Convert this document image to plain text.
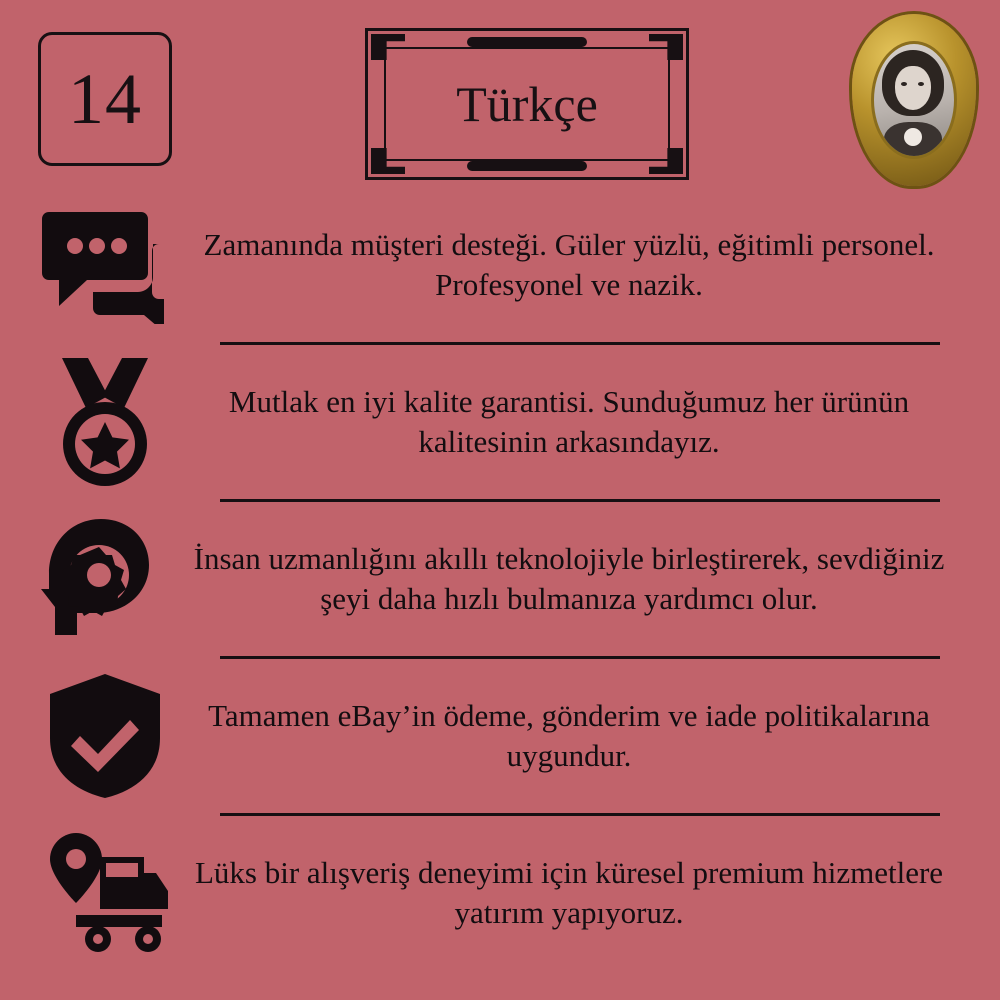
14	Türkçe
Zamanında müşteri desteği. Güler yüzlü, eğitimli personel. Profesyonel ve nazik.
Mutlak en iyi kalite garantisi. Sunduğumuz her ürünün kalitesinin arkasındayız.
İnsan uzmanlığını akıllı teknolojiyle birleştirerek, sevdiğiniz şeyi daha hızlı bulmanıza yardımcı olur.
Tamamen eBay’in ödeme, gönderim ve iade politikalarına uygundur.
Lüks bir alışveriş deneyimi için küresel premium hizmetlere yatırım yapıyoruz.
